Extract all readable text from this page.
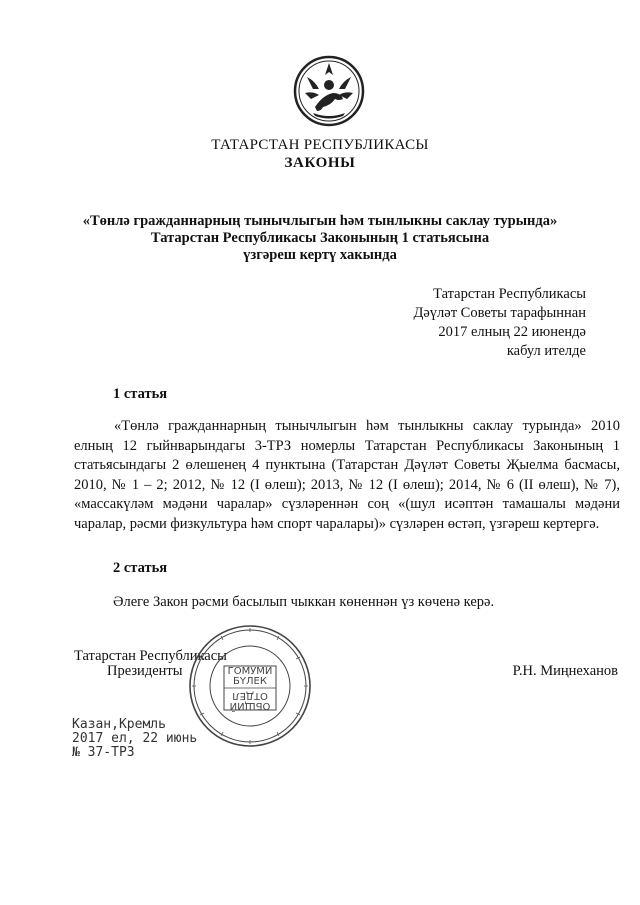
ТАТАРСТАН РЕСПУБЛИКАСЫ
ЗАКОНЫ
«Төнлә гражданнарның тынычлыгын һәм тынлыкны саклау турында»
Татарстан Республикасы Законының 1 статьясына
үзгәреш кертү хакында
Татарстан Республикасы
Дәүләт Советы тарафыннан
2017 елның 22 июнендә
кабул ителде
1 статья
«Төнлә гражданнарның тынычлыгын һәм тынлыкны саклау турында» 2010 елның 12 гыйнварындагы 3-ТРЗ номерлы Татарстан Республикасы Законының 1 статьясындагы 2 өлешенең 4 пунктына (Татарстан Дәүләт Советы Җыелма басмасы, 2010, № 1 – 2; 2012, № 12 (I өлеш); 2013, № 12 (I өлеш); 2014, № 6 (II өлеш), № 7), «массакүләм мәдәни чаралар» сүзләреннән соң «(шул исәптән тамашалы мәдәни чаралар, рәсми физкультура һәм спорт чаралары)» сүзләрен өстәп, үзгәреш кертергә.
2 статья
Әлеге Закон рәсми басылып чыккан көненнән үз көченә керә.
Татарстан Республикасы
Президенты	Р.Н. Миңнеханов
ГОМУМИ
БҮЛЕК
ОБЩИЙ
ОТДЕЛ
Казан,Кремль
2017 ел, 22 июнь
№ 37-ТРЗ
